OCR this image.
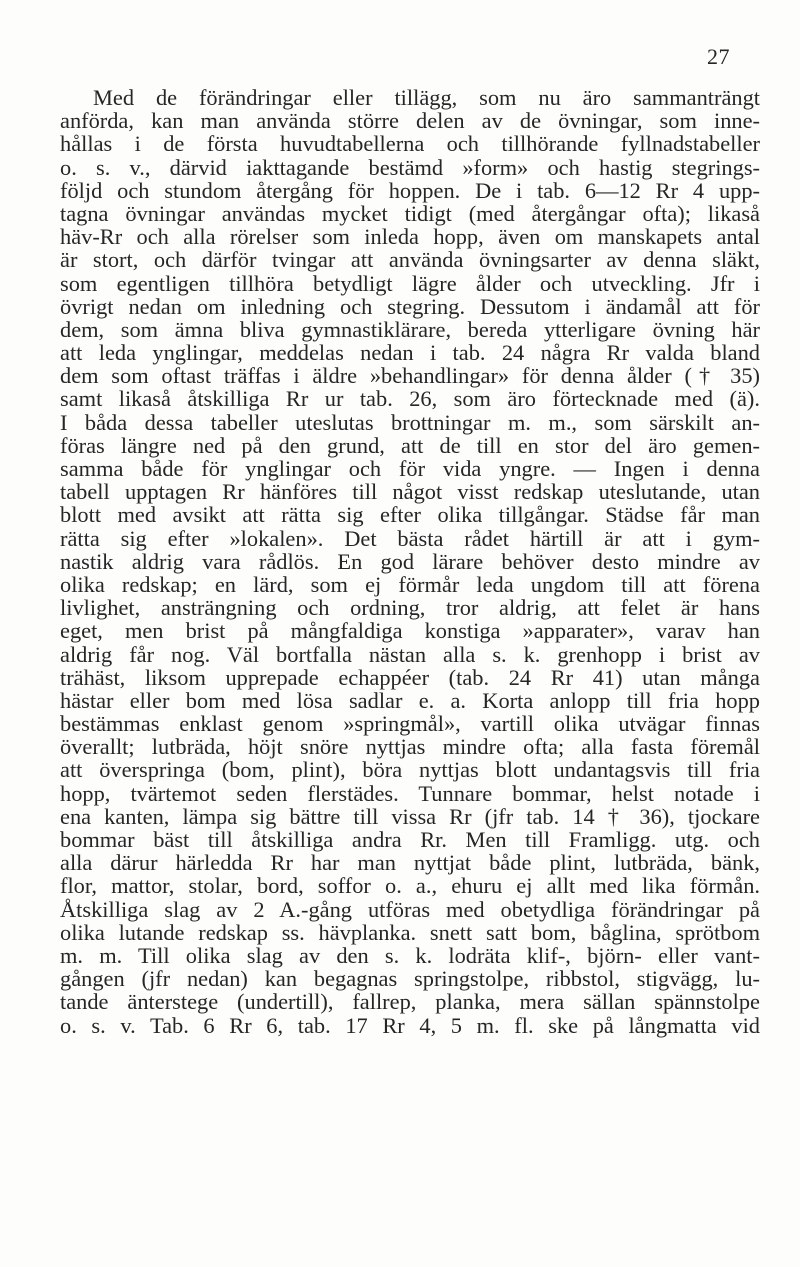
27
Med de förändringar eller tillägg, som nu äro sammanträngt
anförda, kan man använda större delen av de övningar, som inne-
hållas i de första huvudtabellerna och tillhörande fyllnadstabeller
o. s. v., därvid iakttagande bestämd »form» och hastig stegrings-
följd och stundom återgång för hoppen. De i tab. 6—12 Rr 4 upp-
tagna övningar användas mycket tidigt (med återgångar ofta); likaså
häv-Rr och alla rörelser som inleda hopp, även om manskapets antal
är stort, och därför tvingar att använda övningsarter av denna släkt,
som egentligen tillhöra betydligt lägre ålder och utveckling. Jfr i
övrigt nedan om inledning och stegring. Dessutom i ändamål att för
dem, som ämna bliva gymnastiklärare, bereda ytterligare övning här
att leda ynglingar, meddelas nedan i tab. 24 några Rr valda bland
dem som oftast träffas i äldre »behandlingar» för denna ålder († 35)
samt likaså åtskilliga Rr ur tab. 26, som äro förtecknade med (ä).
I båda dessa tabeller uteslutas brottningar m. m., som särskilt an-
föras längre ned på den grund, att de till en stor del äro gemen-
samma både för ynglingar och för vida yngre. — Ingen i denna
tabell upptagen Rr hänföres till något visst redskap uteslutande, utan
blott med avsikt att rätta sig efter olika tillgångar. Städse får man
rätta sig efter »lokalen». Det bästa rådet härtill är att i gym-
nastik aldrig vara rådlös. En god lärare behöver desto mindre av
olika redskap; en lärd, som ej förmår leda ungdom till att förena
livlighet, ansträngning och ordning, tror aldrig, att felet är hans
eget, men brist på mångfaldiga konstiga »apparater», varav han
aldrig får nog. Väl bortfalla nästan alla s. k. grenhopp i brist av
trähäst, liksom upprepade echappéer (tab. 24 Rr 41) utan många
hästar eller bom med lösa sadlar e. a. Korta anlopp till fria hopp
bestämmas enklast genom »springmål», vartill olika utvägar finnas
överallt; lutbräda, höjt snöre nyttjas mindre ofta; alla fasta föremål
att överspringa (bom, plint), böra nyttjas blott undantagsvis till fria
hopp, tvärtemot seden flerstädes. Tunnare bommar, helst notade i
ena kanten, lämpa sig bättre till vissa Rr (jfr tab. 14 † 36), tjockare
bommar bäst till åtskilliga andra Rr. Men till Framligg. utg. och
alla därur härledda Rr har man nyttjat både plint, lutbräda, bänk,
flor, mattor, stolar, bord, soffor o. a., ehuru ej allt med lika förmån.
Åtskilliga slag av 2 A.-gång utföras med obetydliga förändringar på
olika lutande redskap ss. hävplanka. snett satt bom, båglina, sprötbom
m. m. Till olika slag av den s. k. lodräta klif-, björn- eller vant-
gången (jfr nedan) kan begagnas springstolpe, ribbstol, stigvägg, lu-
tande änterstege (undertill), fallrep, planka, mera sällan spännstolpe
o. s. v. Tab. 6 Rr 6, tab. 17 Rr 4, 5 m. fl. ske på långmatta vid
